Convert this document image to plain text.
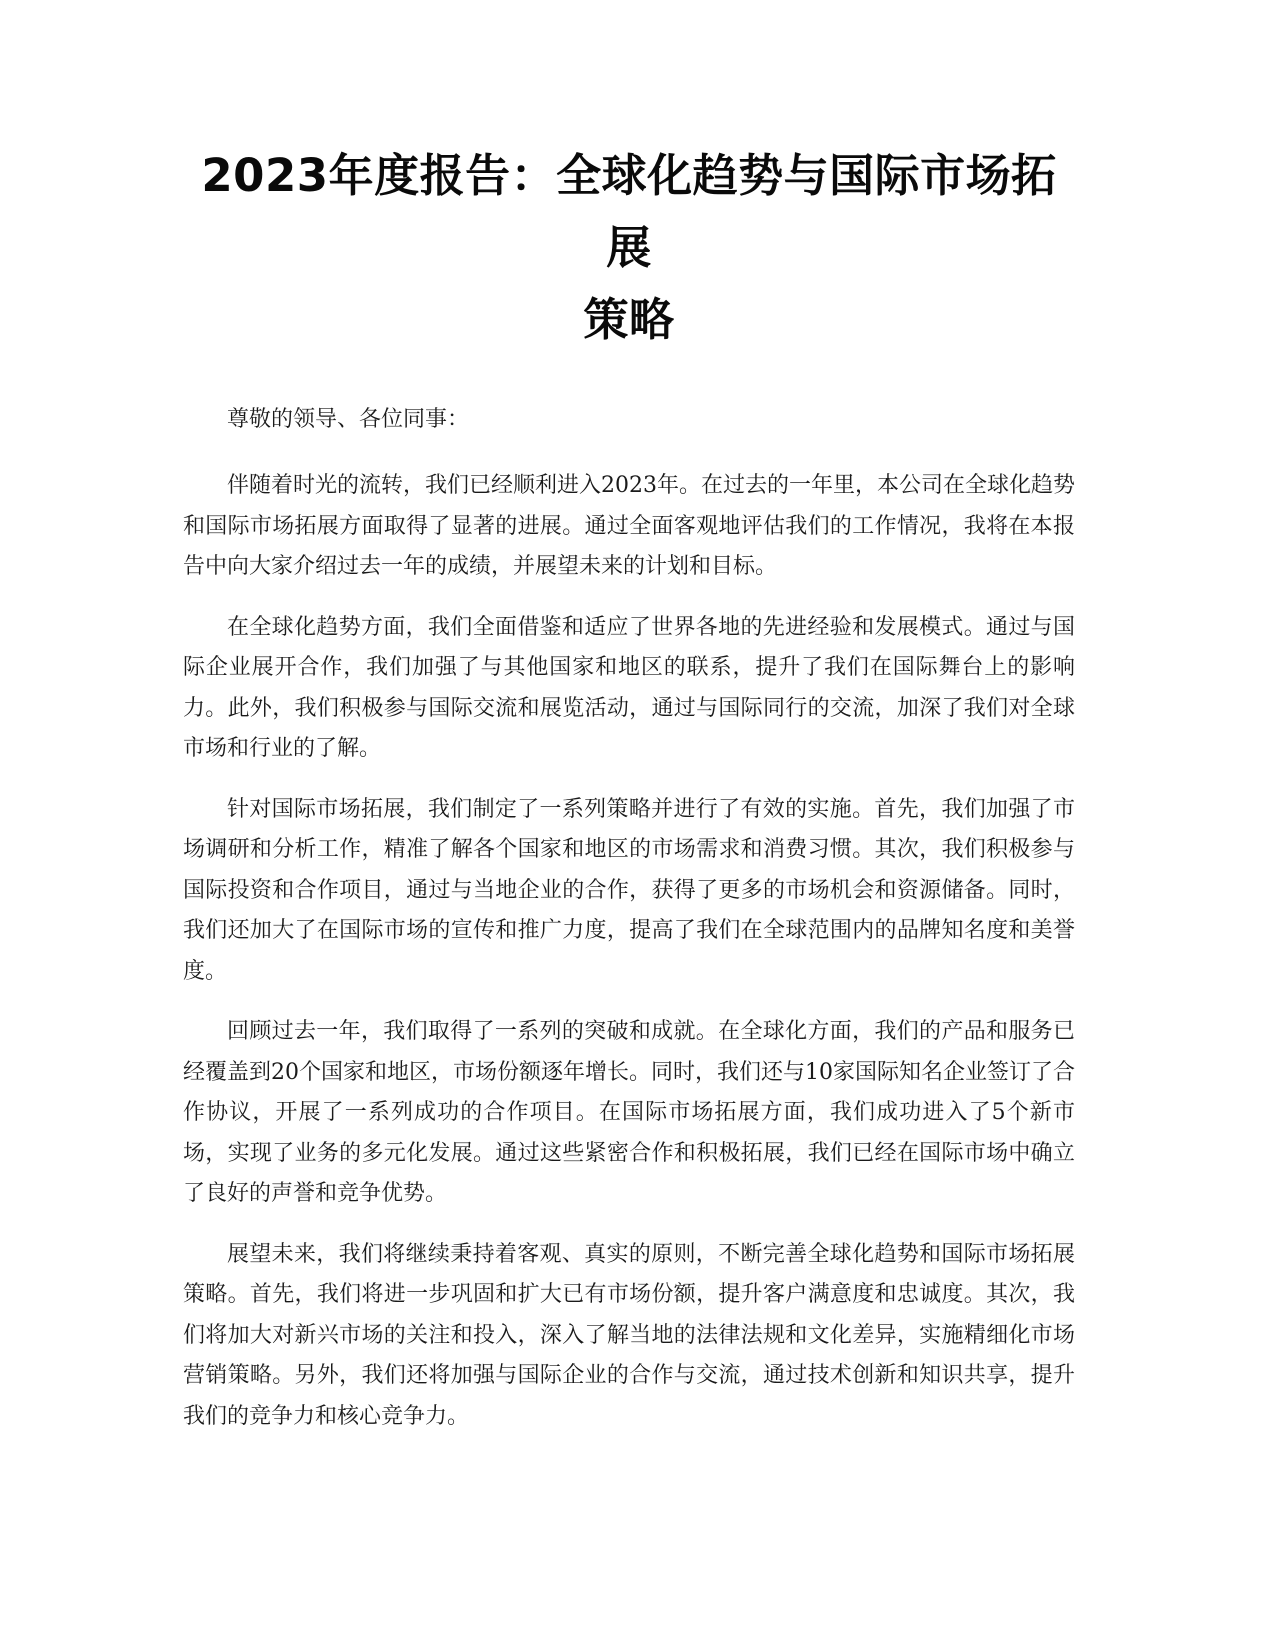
2023年度报告：全球化趋势与国际市场拓展
策略

尊敬的领导、各位同事：

伴随着时光的流转，我们已经顺利进入2023年。在过去的一年里，本公司在全球化趋势和国际市场拓展方面取得了显著的进展。通过全面客观地评估我们的工作情况，我将在本报告中向大家介绍过去一年的成绩，并展望未来的计划和目标。

在全球化趋势方面，我们全面借鉴和适应了世界各地的先进经验和发展模式。通过与国际企业展开合作，我们加强了与其他国家和地区的联系，提升了我们在国际舞台上的影响力。此外，我们积极参与国际交流和展览活动，通过与国际同行的交流，加深了我们对全球市场和行业的了解。

针对国际市场拓展，我们制定了一系列策略并进行了有效的实施。首先，我们加强了市场调研和分析工作，精准了解各个国家和地区的市场需求和消费习惯。其次，我们积极参与国际投资和合作项目，通过与当地企业的合作，获得了更多的市场机会和资源储备。同时，我们还加大了在国际市场的宣传和推广力度，提高了我们在全球范围内的品牌知名度和美誉度。

回顾过去一年，我们取得了一系列的突破和成就。在全球化方面，我们的产品和服务已经覆盖到20个国家和地区，市场份额逐年增长。同时，我们还与10家国际知名企业签订了合作协议，开展了一系列成功的合作项目。在国际市场拓展方面，我们成功进入了5个新市场，实现了业务的多元化发展。通过这些紧密合作和积极拓展，我们已经在国际市场中确立了良好的声誉和竞争优势。

展望未来，我们将继续秉持着客观、真实的原则，不断完善全球化趋势和国际市场拓展策略。首先，我们将进一步巩固和扩大已有市场份额，提升客户满意度和忠诚度。其次，我们将加大对新兴市场的关注和投入，深入了解当地的法律法规和文化差异，实施精细化市场营销策略。另外，我们还将加强与国际企业的合作与交流，通过技术创新和知识共享，提升我们的竞争力和核心竞争力。
